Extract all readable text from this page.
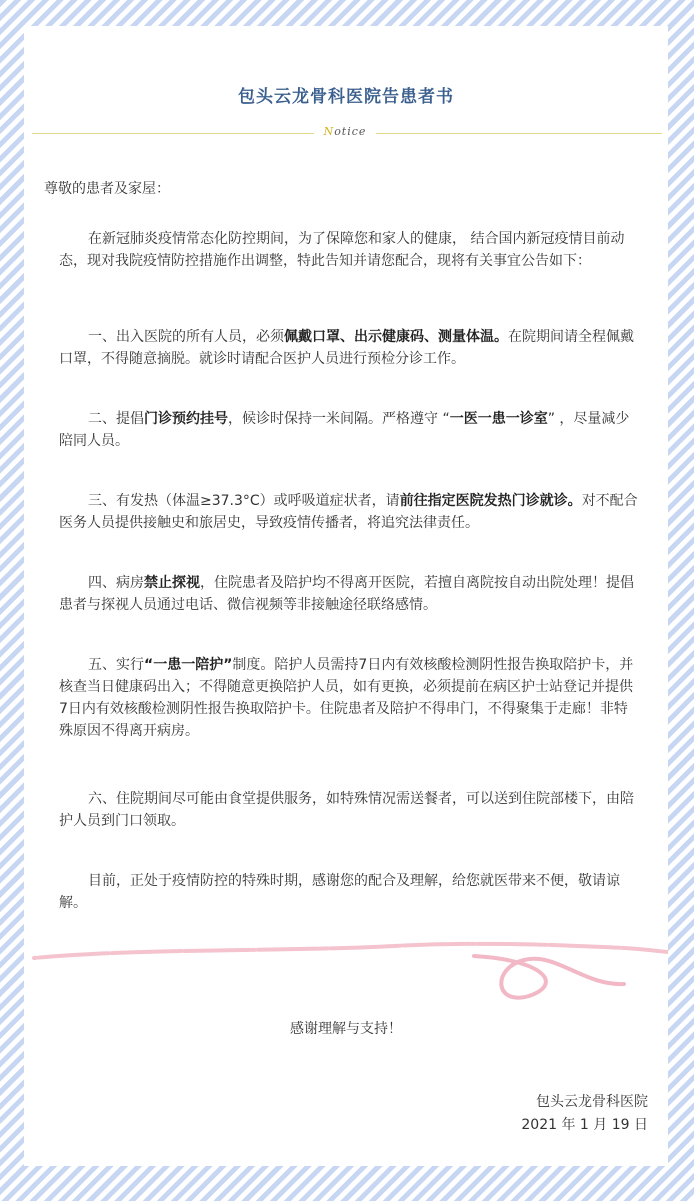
包头云龙骨科医院告患者书
Notice

尊敬的患者及家屋：

在新冠肺炎疫情常态化防控期间，为了保障您和家人的健康， 结合国内新冠疫情目前动态，现对我院疫情防控措施作出调整，特此告知并请您配合，现将有关事宜公告如下：

一、出入医院的所有人员，必须佩戴口罩、出示健康码、测量体温。在院期间请全程佩戴口罩，不得随意摘脱。就诊时请配合医护人员进行预检分诊工作。

二、提倡门诊预约挂号，候诊时保持一米间隔。严格遵守 “一医一患一诊室” ，尽量减少陪同人员。

三、有发热（体温≥37.3°C）或呼吸道症状者，请前往指定医院发热门诊就诊。对不配合医务人员提供接触史和旅居史，导致疫情传播者，将追究法律责任。

四、病房禁止探视，住院患者及陪护均不得离开医院，若擅自离院按自动出院处理！提倡患者与探视人员通过电话、微信视频等非接触途径联络感情。

五、实行“一患一陪护”制度。陪护人员需持7日内有效核酸检测阴性报告换取陪护卡，并核查当日健康码出入；不得随意更换陪护人员，如有更换，必须提前在病区护士站登记并提供7日内有效核酸检测阴性报告换取陪护卡。住院患者及陪护不得串门，不得聚集于走廊！非特殊原因不得离开病房。

六、住院期间尽可能由食堂提供服务，如特殊情况需送餐者，可以送到住院部楼下，由陪护人员到门口领取。

目前，正处于疫情防控的特殊时期，感谢您的配合及理解，给您就医带来不便，敬请谅解。

感谢理解与支持！
包头云龙骨科医院
2021 年 1 月 19 日
